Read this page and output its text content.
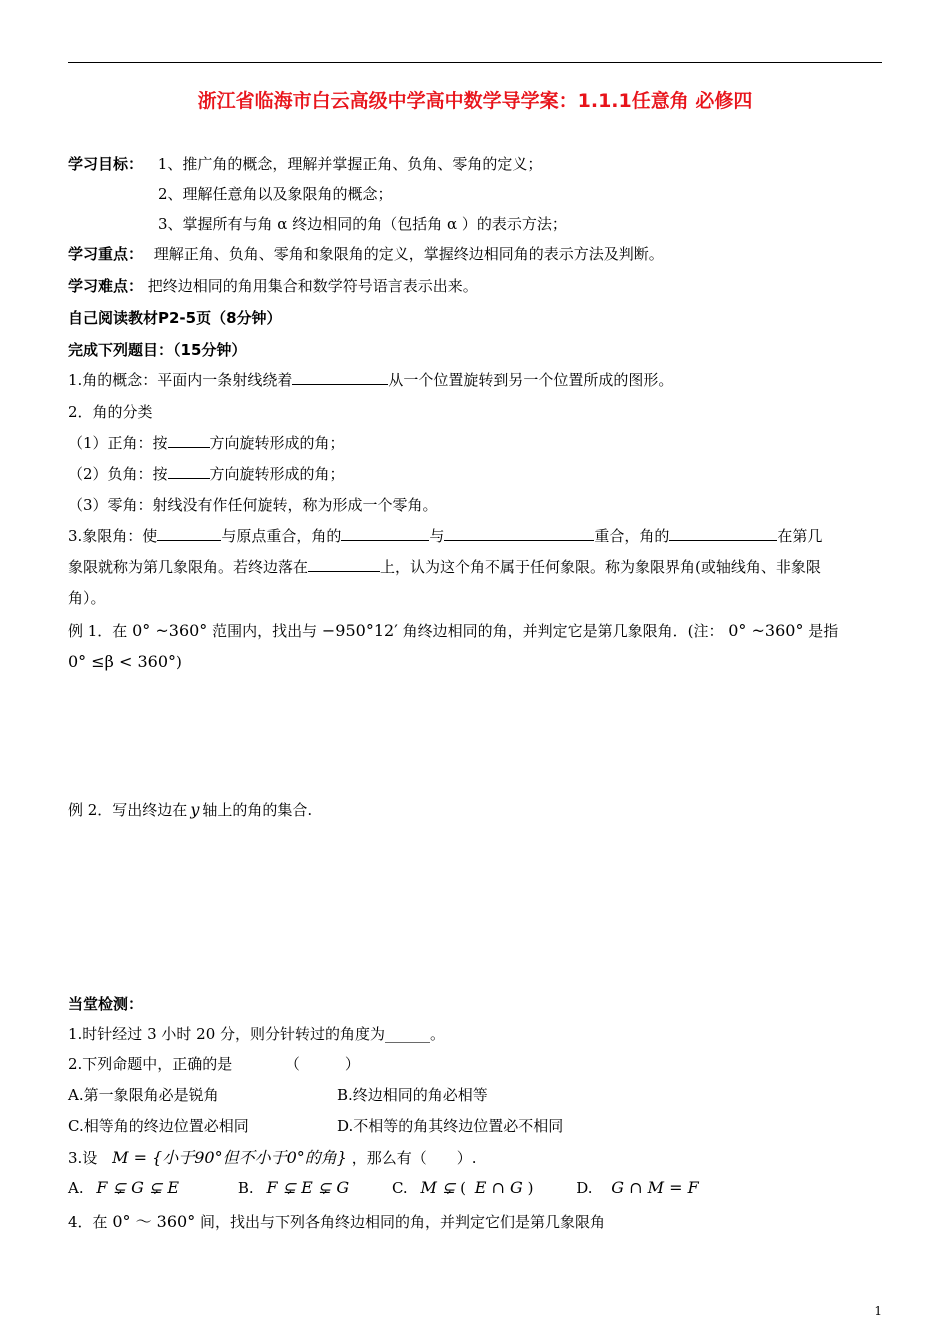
浙江省临海市白云高级中学高中数学导学案：1.1.1任意角 必修四
学习目标： 1、推广角的概念，理解并掌握正角、负角、零角的定义；
2、理解任意角以及象限角的概念；
3、掌握所有与角 α 终边相同的角（包括角 α ）的表示方法；
学习重点： 理解正角、负角、零角和象限角的定义，掌握终边相同角的表示方法及判断。
学习难点： 把终边相同的角用集合和数学符号语言表示出来。
自己阅读教材P2-5页（8分钟）
完成下列题目：（15分钟）
1.角的概念：平面内一条射线绕着	从一个位置旋转到另一个位置所成的图形。
2．角的分类
（1）正角：按	方向旋转形成的角；
（2）负角：按	方向旋转形成的角；
（3）零角：射线没有作任何旋转，称为形成一个零角。
3.象限角：使	与原点重合，角的	与	重合，角的	在第几
象限就称为第几象限角。若终边落在	上，认为这个角不属于任何象限。称为象限界角(或轴线角、非象限
角）。
例 1．在 0° ~360° 范围内，找出与 −950°12′ 角终边相同的角，并判定它是第几象限角．(注： 0° ~360° 是指
0° ≤β < 360°)
例 2．写出终边在 y 轴上的角的集合.
当堂检测：
1.时针经过 3 小时 20 分，则分针转过的角度为______。
2.下列命题中，正确的是　　　　（　　　）
A.第一象限角必是锐角	B.终边相同的角必相等
C.相等角的终边位置必相同	D.不相等的角其终边位置必不相同
3.设 M = {小于90°但不小于0°的角} ，那么有（　　）.
A. F ⊊ G ⊊ E	B. F ⊊ E ⊊ G	C. M ⊊ ( E ∩ G )	D. G ∩ M = F
4．在 0° ～ 360° 间，找出与下列各角终边相同的角，并判定它们是第几象限角
1
